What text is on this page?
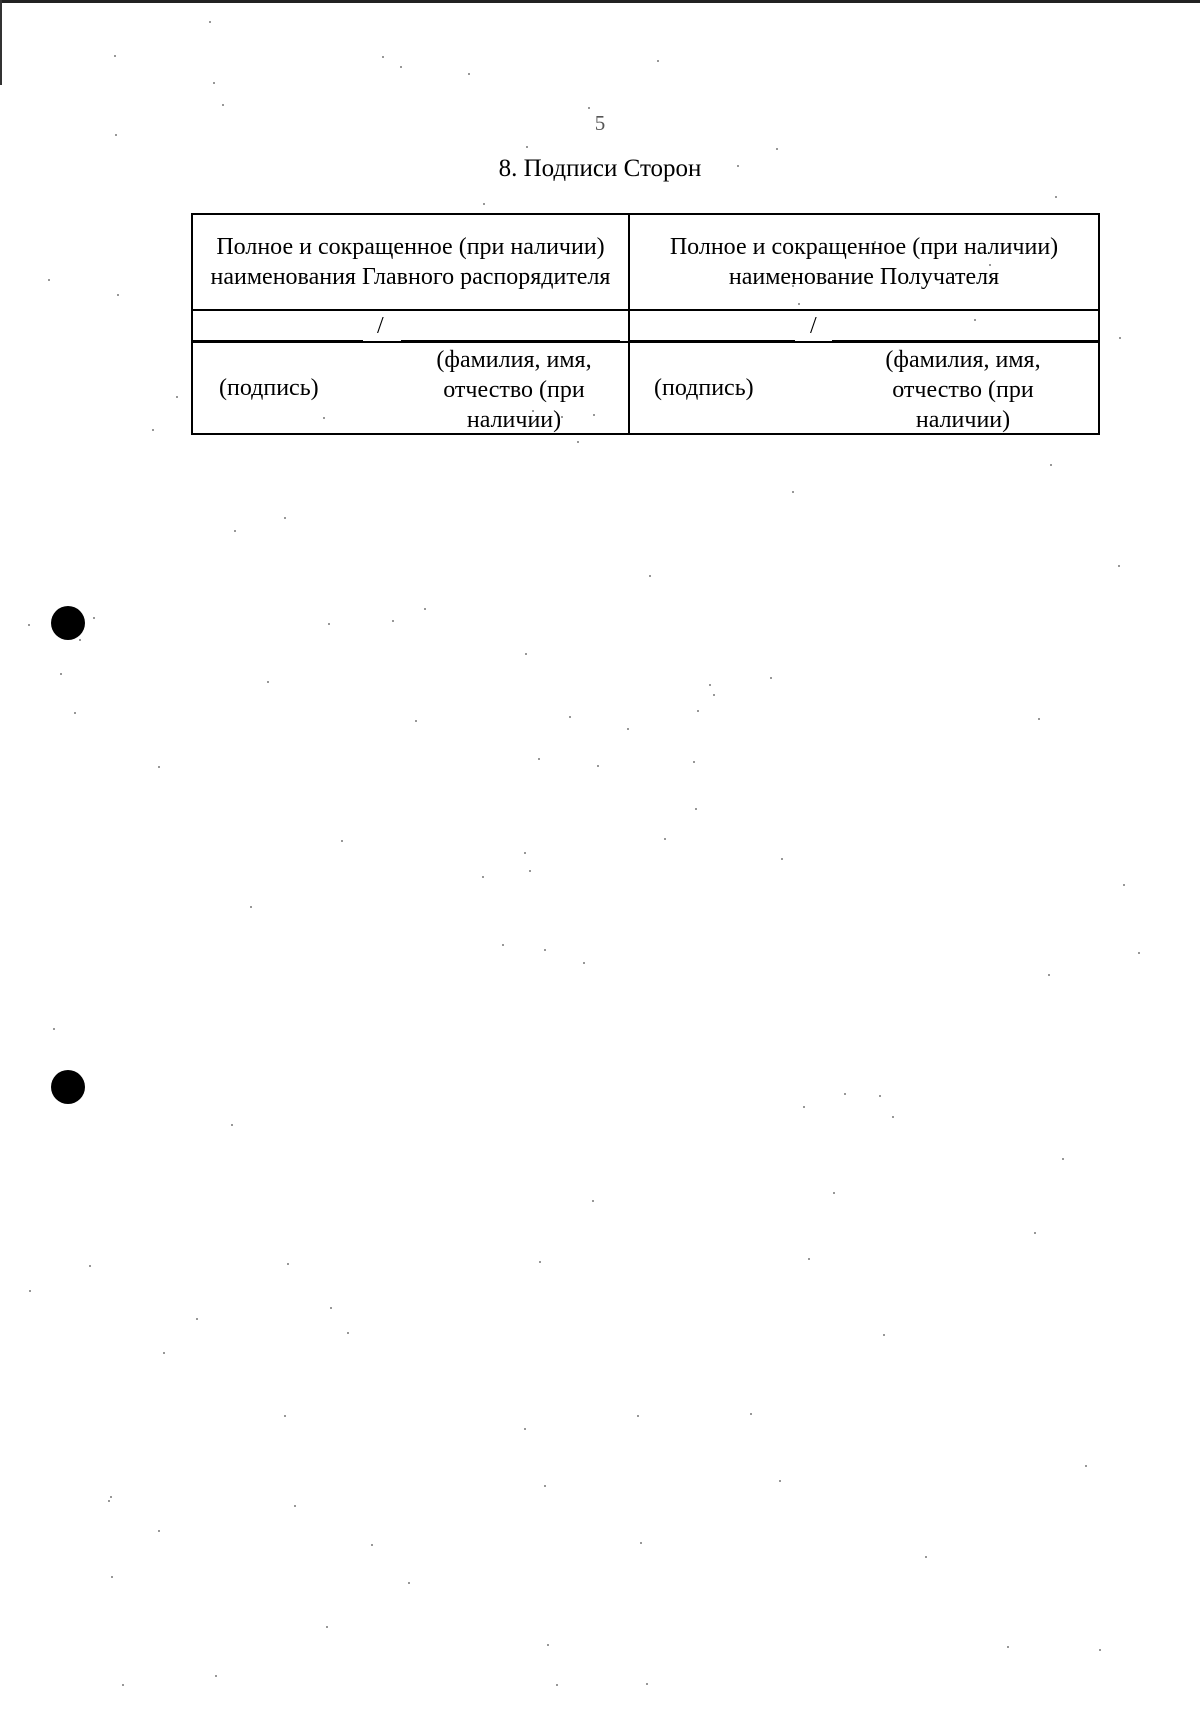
5
8. Подписи Сторон
Полное и сокращенное (при наличии) наименования Главного распорядителя
Полное и сокращенное (при наличии) наименование Получателя
/	/
(подпись)
(фамилия, имя, отчество (при наличии)
(подпись)
(фамилия, имя, отчество (при наличии)
